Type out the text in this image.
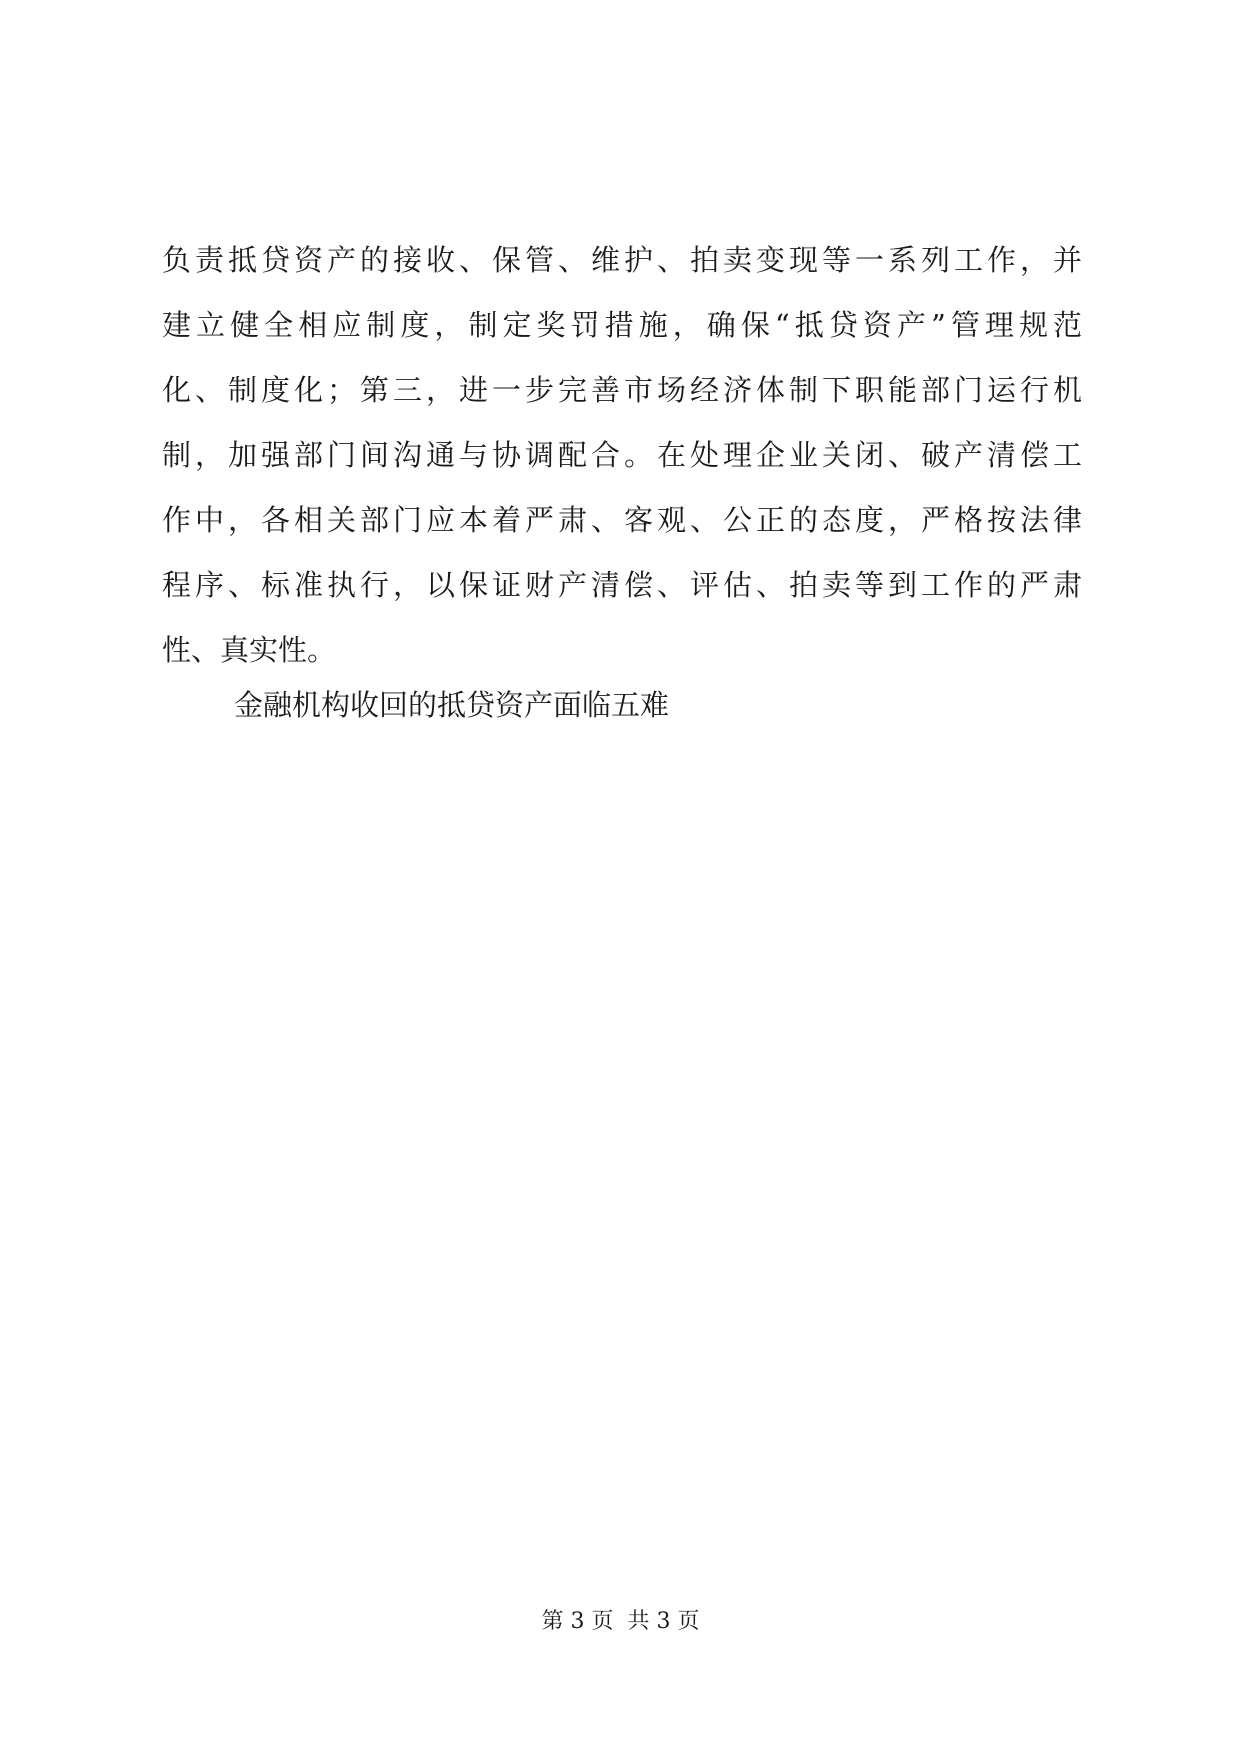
负责抵贷资产的接收、保管、维护、拍卖变现等一系列工作，并
建立健全相应制度，制定奖罚措施，确保“抵贷资产”管理规范
化、制度化；第三，进一步完善市场经济体制下职能部门运行机
制，加强部门间沟通与协调配合。在处理企业关闭、破产清偿工
作中，各相关部门应本着严肃、客观、公正的态度，严格按法律
程序、标准执行，以保证财产清偿、评估、拍卖等到工作的严肃
性、真实性。
金融机构收回的抵贷资产面临五难
第 3 页 共 3 页
